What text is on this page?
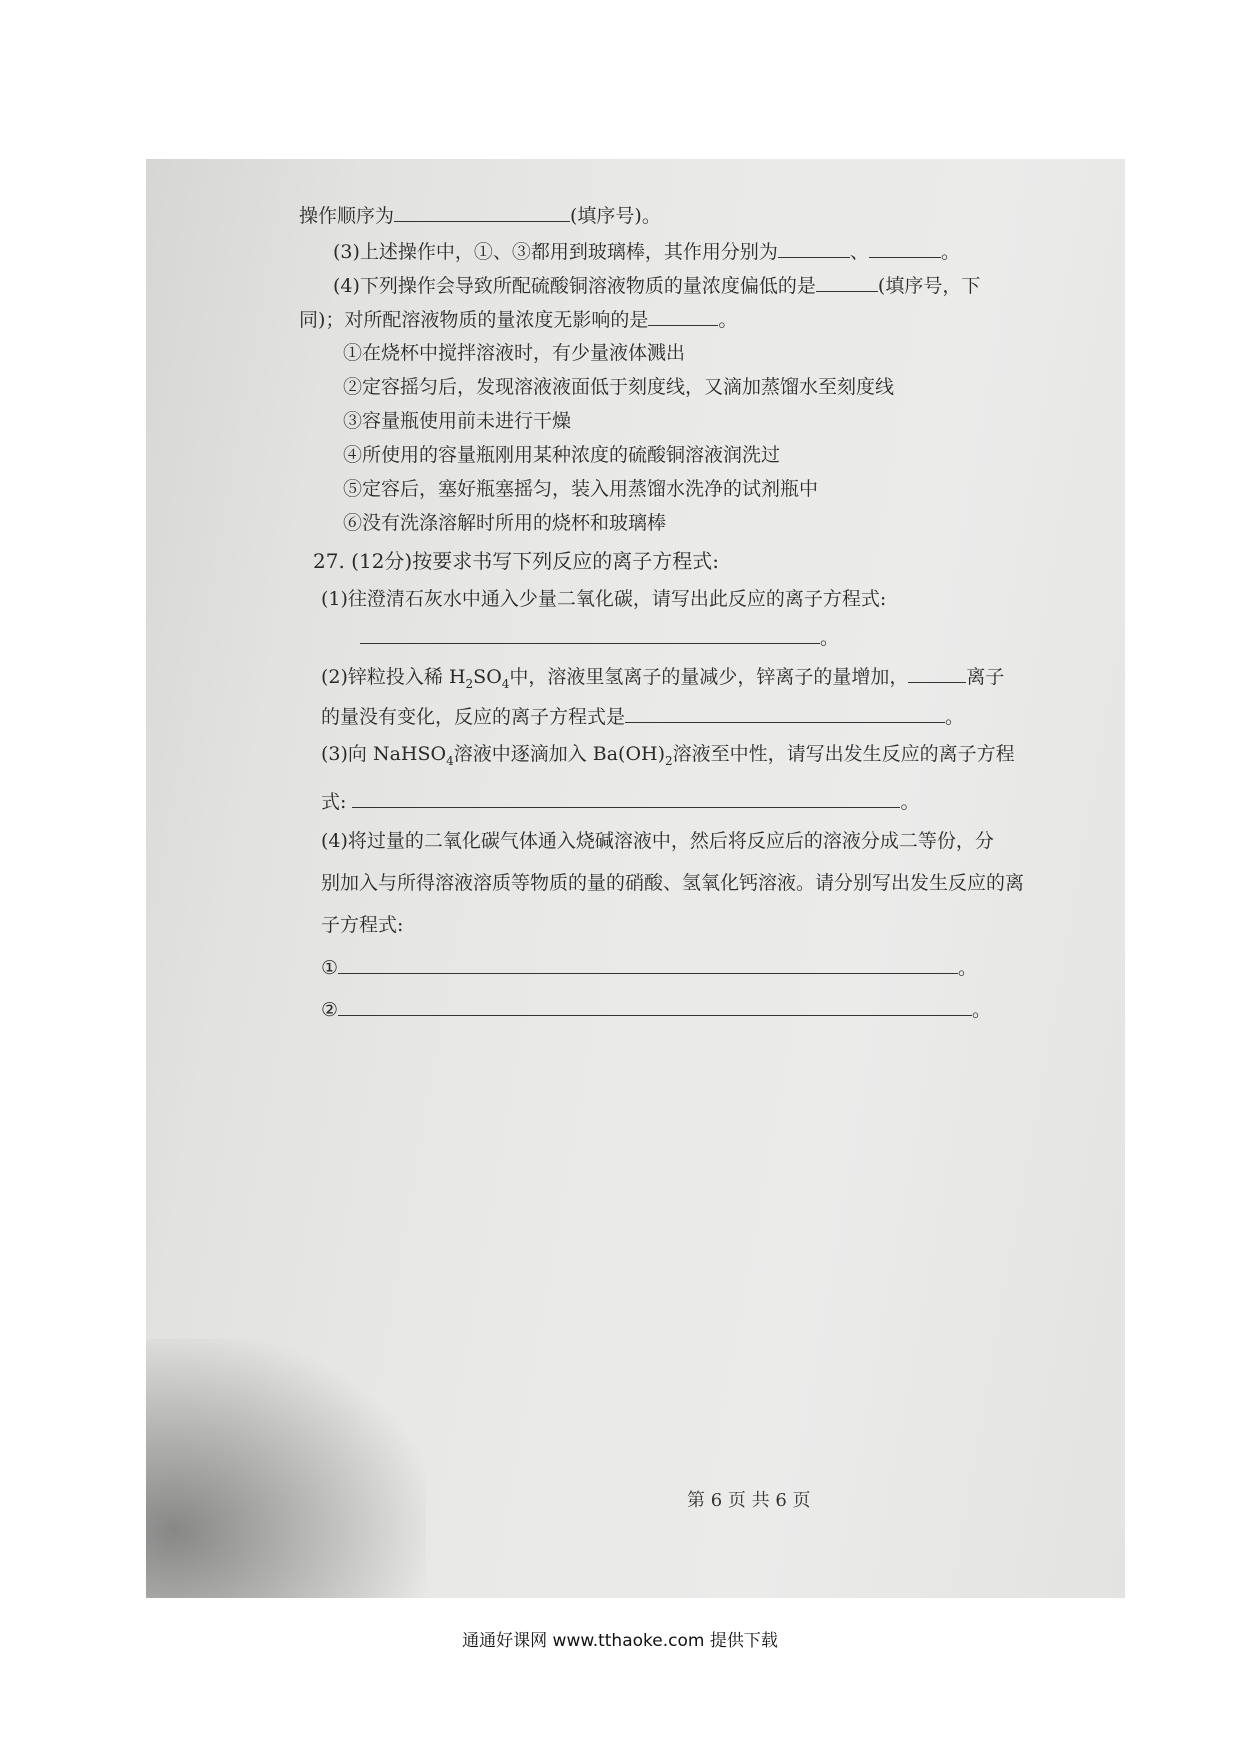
操作顺序为	(填序号)。
(3)上述操作中，①、③都用到玻璃棒，其作用分别为	、	。
(4)下列操作会导致所配硫酸铜溶液物质的量浓度偏低的是	(填序号，下
同)；对所配溶液物质的量浓度无影响的是	。
①在烧杯中搅拌溶液时，有少量液体溅出
②定容摇匀后，发现溶液液面低于刻度线，又滴加蒸馏水至刻度线
③容量瓶使用前未进行干燥
④所使用的容量瓶刚用某种浓度的硫酸铜溶液润洗过
⑤定容后，塞好瓶塞摇匀，装入用蒸馏水洗净的试剂瓶中
⑥没有洗涤溶解时所用的烧杯和玻璃棒
27. (12分)按要求书写下列反应的离子方程式:
(1)往澄清石灰水中通入少量二氧化碳，请写出此反应的离子方程式:
。
(2)锌粒投入稀 $H_2SO_4$中，溶液里氢离子的量减少，锌离子的量增加，	离子
的量没有变化，反应的离子方程式是	。
(3)向 NaHSO$_4$溶液中逐滴加入 $Ba(OH)_2$溶液至中性，请写出发生反应的离子方程
式:	。
(4)将过量的二氧化碳气体通入烧碱溶液中，然后将反应后的溶液分成二等份，分
别加入与所得溶液溶质等物质的量的硝酸、氢氧化钙溶液。请分别写出发生反应的离
子方程式:
①	。
②	。
第 6 页 共 6 页
通通好课网 www.tthaoke.com 提供下载
